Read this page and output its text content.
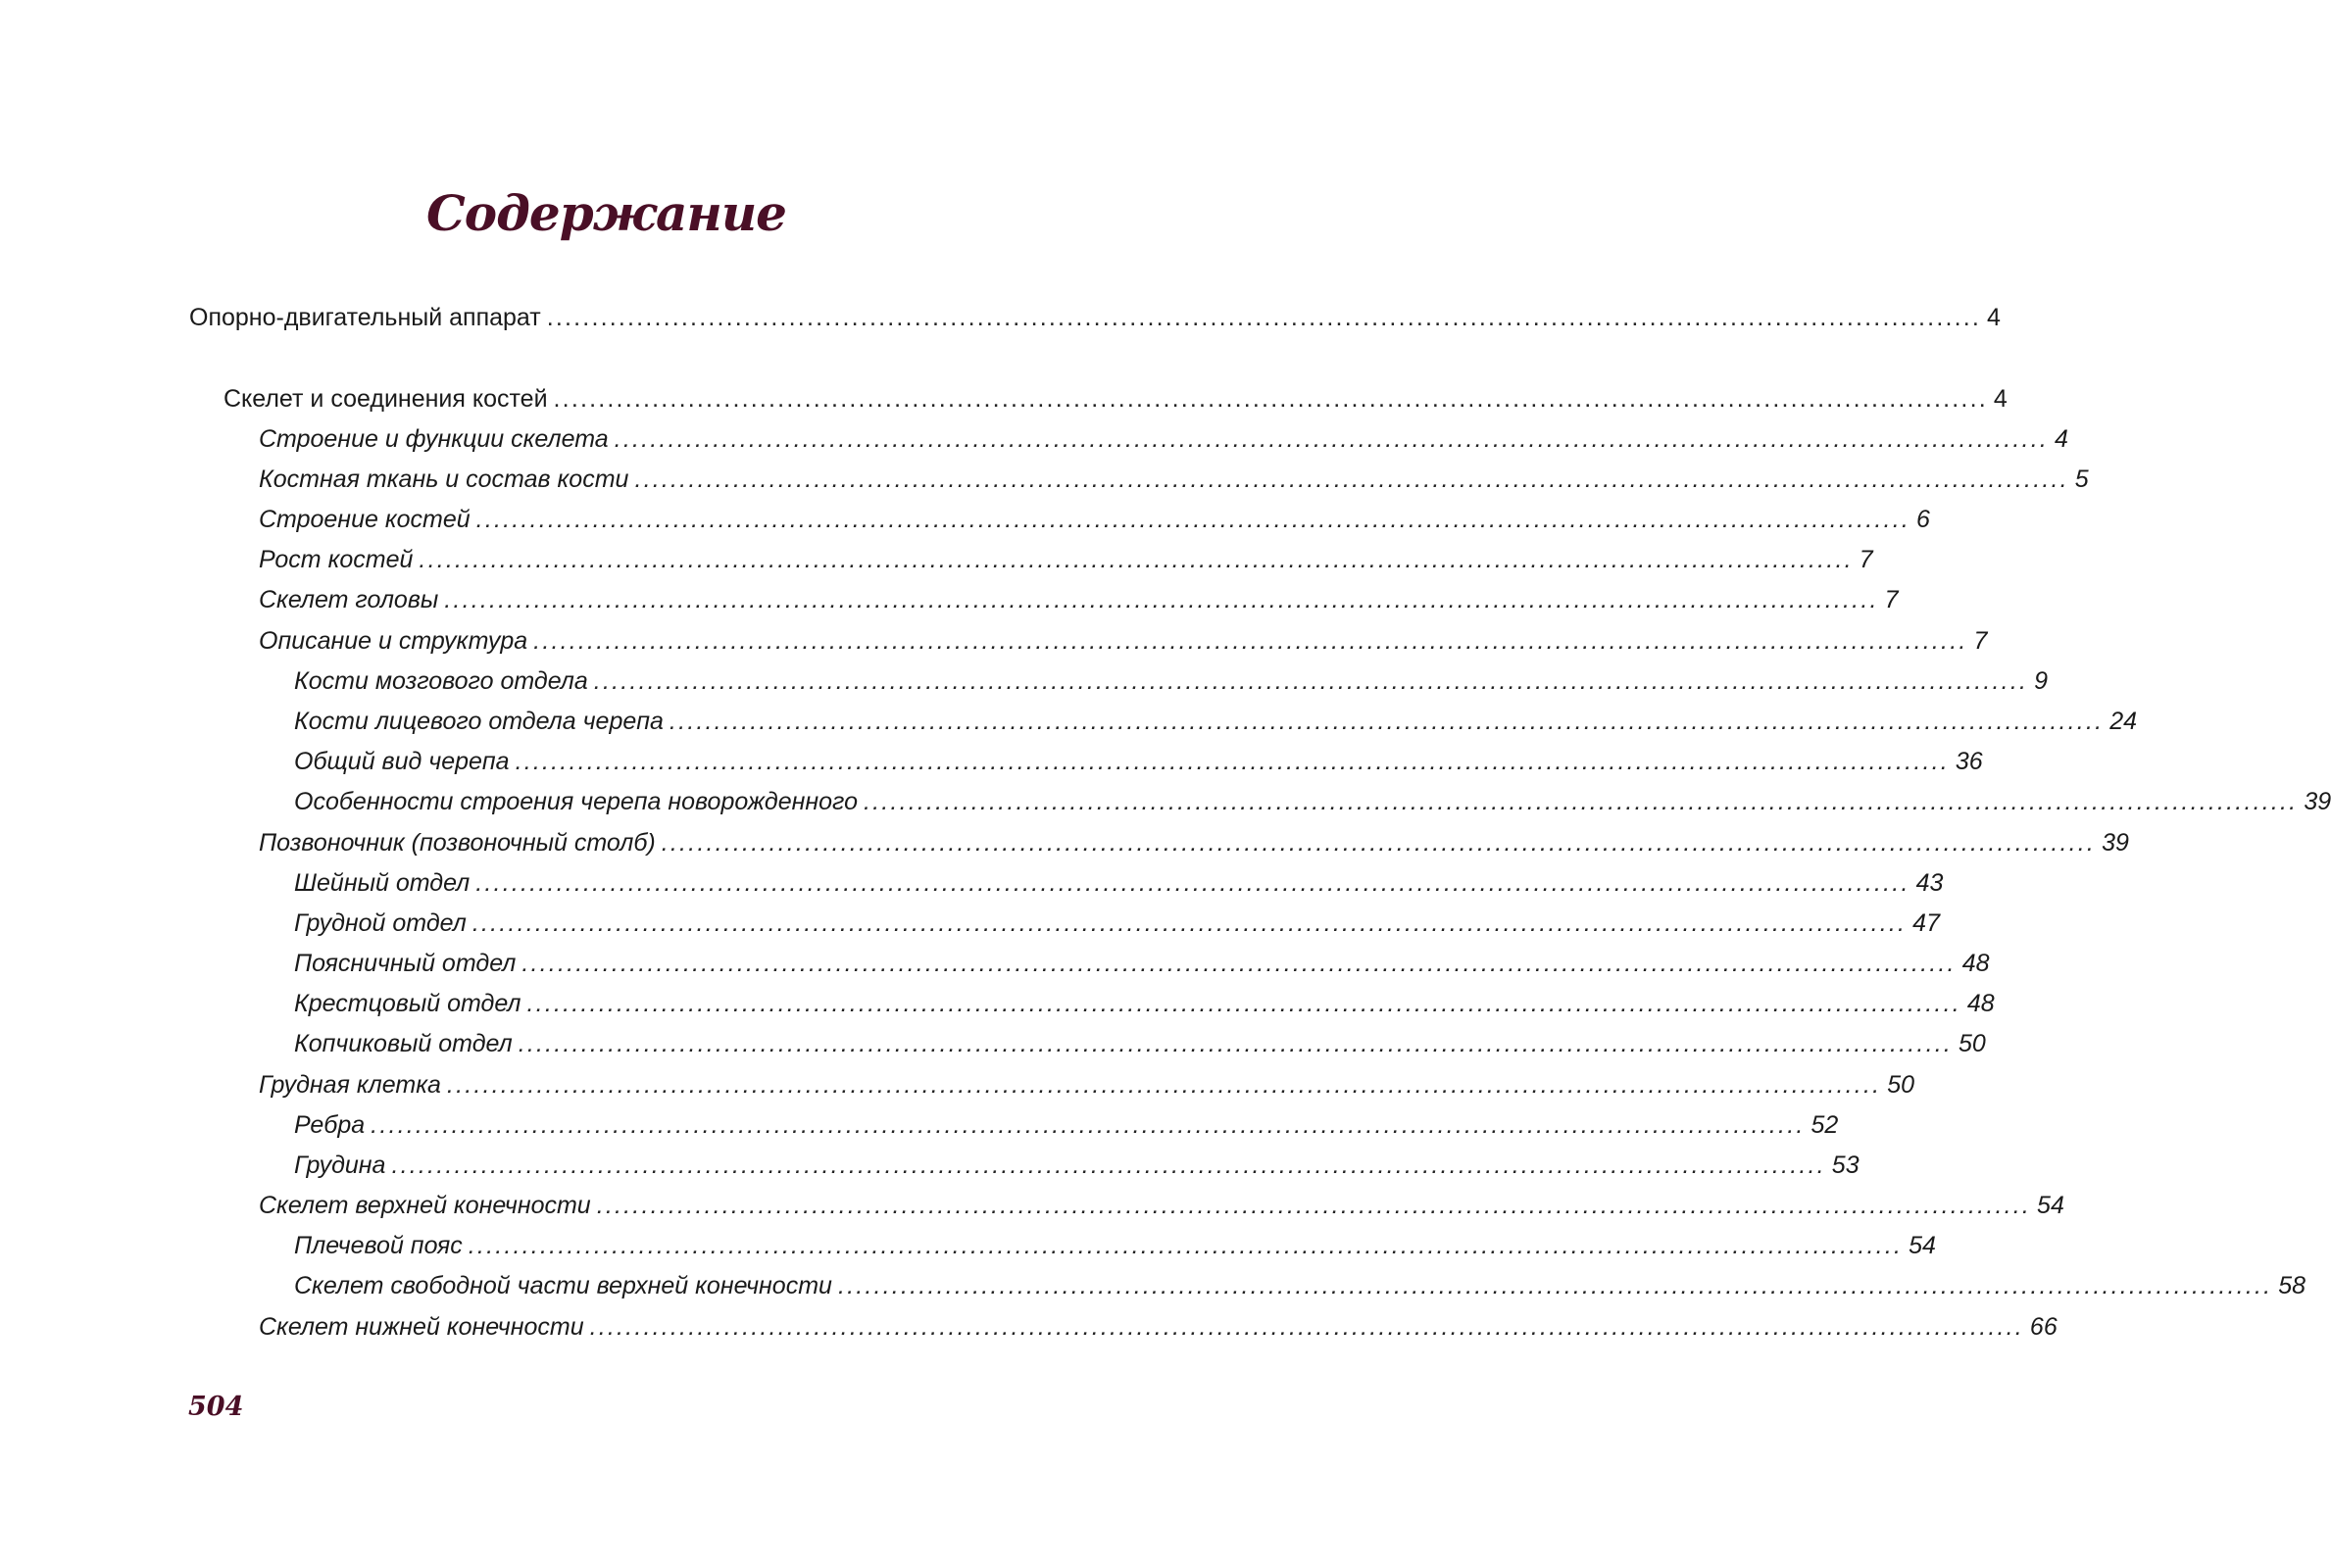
Содержание
Опорно-двигательный аппарат ................................................................................................................................................................ 4
Скелет и соединения костей ................................................................................................................................................................ 4
Строение и функции скелета ................................................................................................................................................................ 4
Костная ткань и состав кости ................................................................................................................................................................ 5
Строение костей ................................................................................................................................................................ 6
Рост костей ................................................................................................................................................................ 7
Скелет головы ................................................................................................................................................................ 7
Описание и структура ................................................................................................................................................................ 7
Кости мозгового отдела ................................................................................................................................................................ 9
Кости лицевого отдела черепа ................................................................................................................................................................ 24
Общий вид черепа ................................................................................................................................................................ 36
Особенности строения черепа новорожденного ................................................................................................................................................................ 39
Позвоночник (позвоночный столб) ................................................................................................................................................................ 39
Шейный отдел ................................................................................................................................................................ 43
Грудной отдел ................................................................................................................................................................ 47
Поясничный отдел ................................................................................................................................................................ 48
Крестцовый отдел ................................................................................................................................................................ 48
Копчиковый отдел ................................................................................................................................................................ 50
Грудная клетка ................................................................................................................................................................ 50
Ребра ................................................................................................................................................................ 52
Грудина ................................................................................................................................................................ 53
Скелет верхней конечности ................................................................................................................................................................ 54
Плечевой пояс ................................................................................................................................................................ 54
Скелет свободной части верхней конечности ................................................................................................................................................................ 58
Скелет нижней конечности ................................................................................................................................................................ 66
504
